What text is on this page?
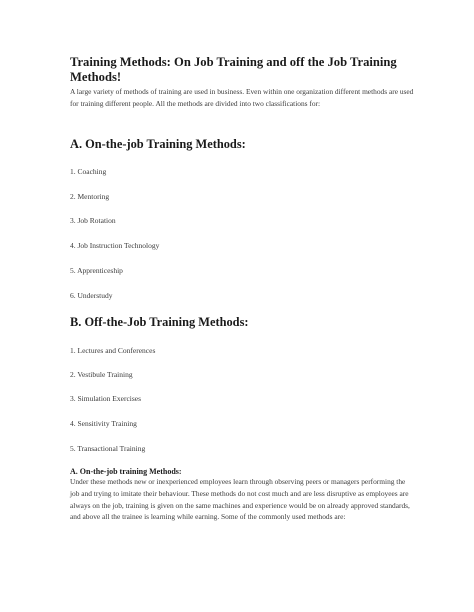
Training Methods: On Job Training and off the Job Training Methods!

A large variety of methods of training are used in business. Even within one organization different methods are used for training different people. All the methods are divided into two classifications for:

A. On-the-job Training Methods:
1. Coaching
2. Mentoring
3. Job Rotation
4. Job Instruction Technology
5. Apprenticeship
6. Understudy
B. Off-the-Job Training Methods:
1. Lectures and Conferences
2. Vestibule Training
3. Simulation Exercises
4. Sensitivity Training
5. Transactional Training
A. On-the-job training Methods:

Under these methods new or inexperienced employees learn through observing peers or managers performing the job and trying to imitate their behaviour. These methods do not cost much and are less disruptive as employees are always on the job, training is given on the same machines and experience would be on already approved standards, and above all the trainee is learning while earning. Some of the commonly used methods are:
